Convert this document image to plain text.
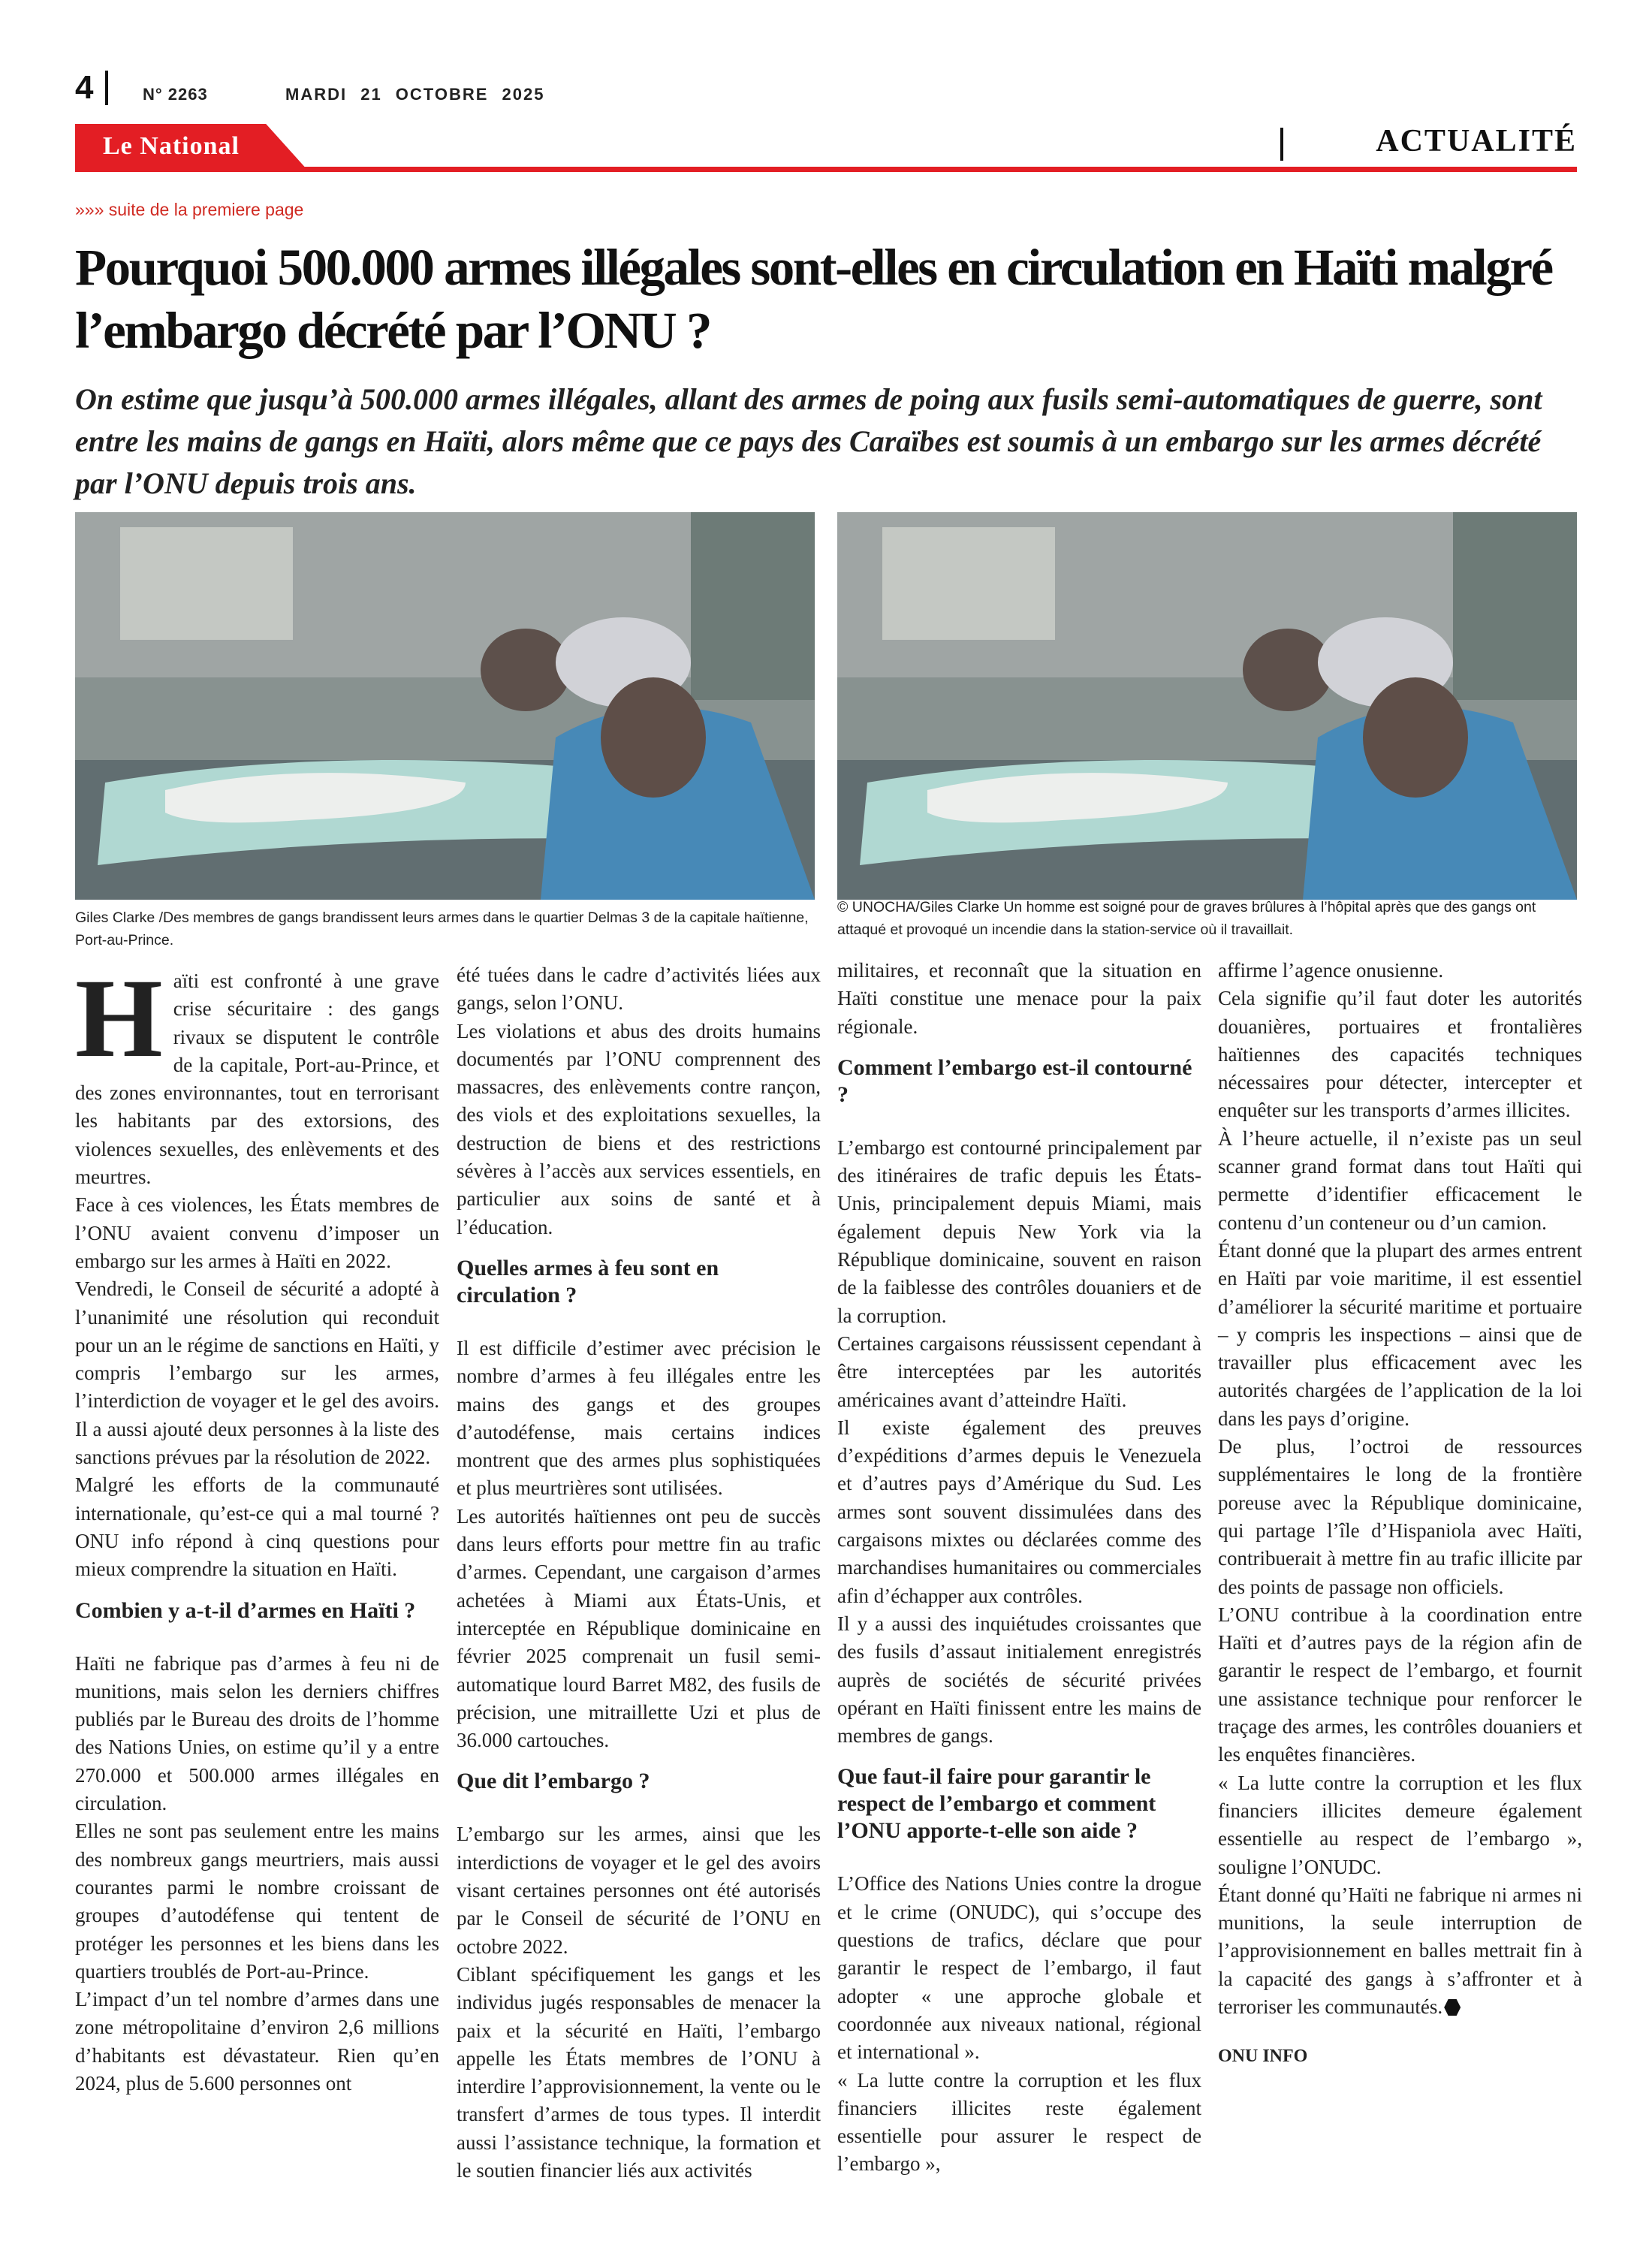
4	N° 2263	MARDI 21 OCTOBRE 2025
Le National	ACTUALITÉ
»»» suite de la premiere page
Pourquoi 500.000 armes illégales sont-elles en circulation en Haïti malgré l’embargo décrété par l’ONU ?

On estime que jusqu’à 500.000 armes illégales, allant des armes de poing aux fusils semi-automatiques de guerre, sont entre les mains de gangs en Haïti, alors même que ce pays des Caraïbes est soumis à un embargo sur les armes décrété par l’ONU depuis trois ans.

Giles Clarke /Des membres de gangs brandissent leurs armes dans le quartier Delmas 3 de la capitale haïtienne, Port-au-Prince.
© UNOCHA/Giles Clarke Un homme est soigné pour de graves brûlures à l’hôpital après que des gangs ont attaqué et provoqué un incendie dans la station-service où il travaillait.

Haïti est confronté à une grave crise sécuritaire : des gangs rivaux se disputent le contrôle de la capitale, Port-au-Prince, et des zones environnantes, tout en terrorisant les habitants par des extorsions, des violences sexuelles, des enlèvements et des meurtres.

Face à ces violences, les États membres de l’ONU avaient convenu d’imposer un embargo sur les armes à Haïti en 2022.

Vendredi, le Conseil de sécurité a adopté à l’unanimité une résolution qui reconduit pour un an le régime de sanctions en Haïti, y compris l’embargo sur les armes, l’interdiction de voyager et le gel des avoirs. Il a aussi ajouté deux personnes à la liste des sanctions prévues par la résolution de 2022.

Malgré les efforts de la communauté internationale, qu’est-ce qui a mal tourné ? ONU info répond à cinq questions pour mieux comprendre la situation en Haïti.

Combien y a-t-il d’armes en Haïti ?

Haïti ne fabrique pas d’armes à feu ni de munitions, mais selon les derniers chiffres publiés par le Bureau des droits de l’homme des Nations Unies, on estime qu’il y a entre 270.000 et 500.000 armes illégales en circulation.

Elles ne sont pas seulement entre les mains des nombreux gangs meurtriers, mais aussi courantes parmi le nombre croissant de groupes d’autodéfense qui tentent de protéger les personnes et les biens dans les quartiers troublés de Port-au-Prince.

L’impact d’un tel nombre d’armes dans une zone métropolitaine d’environ 2,6 millions d’habitants est dévastateur. Rien qu’en 2024, plus de 5.600 personnes ont

été tuées dans le cadre d’activités liées aux gangs, selon l’ONU.

Les violations et abus des droits humains documentés par l’ONU comprennent des massacres, des enlèvements contre rançon, des viols et des exploitations sexuelles, la destruction de biens et des restrictions sévères à l’accès aux services essentiels, en particulier aux soins de santé et à l’éducation.

Quelles armes à feu sont en circulation ?

Il est difficile d’estimer avec précision le nombre d’armes à feu illégales entre les mains des gangs et des groupes d’autodéfense, mais certains indices montrent que des armes plus sophistiquées et plus meurtrières sont utilisées.

Les autorités haïtiennes ont peu de succès dans leurs efforts pour mettre fin au trafic d’armes. Cependant, une cargaison d’armes achetées à Miami aux États-Unis, et interceptée en République dominicaine en février 2025 comprenait un fusil semi-automatique lourd Barret M82, des fusils de précision, une mitraillette Uzi et plus de 36.000 cartouches.

Que dit l’embargo ?

L’embargo sur les armes, ainsi que les interdictions de voyager et le gel des avoirs visant certaines personnes ont été autorisés par le Conseil de sécurité de l’ONU en octobre 2022.

Ciblant spécifiquement les gangs et les individus jugés responsables de menacer la paix et la sécurité en Haïti, l’embargo appelle les États membres de l’ONU à interdire l’approvisionnement, la vente ou le transfert d’armes de tous types. Il interdit aussi l’assistance technique, la formation et le soutien financier liés aux activités

militaires, et reconnaît que la situation en Haïti constitue une menace pour la paix régionale.

Comment l’embargo est-il contourné ?

L’embargo est contourné principalement par des itinéraires de trafic depuis les États-Unis, principalement depuis Miami, mais également depuis New York via la République dominicaine, souvent en raison de la faiblesse des contrôles douaniers et de la corruption.

Certaines cargaisons réussissent cependant à être interceptées par les autorités américaines avant d’atteindre Haïti.

Il existe également des preuves d’expéditions d’armes depuis le Venezuela et d’autres pays d’Amérique du Sud. Les armes sont souvent dissimulées dans des cargaisons mixtes ou déclarées comme des marchandises humanitaires ou commerciales afin d’échapper aux contrôles.

Il y a aussi des inquiétudes croissantes que des fusils d’assaut initialement enregistrés auprès de sociétés de sécurité privées opérant en Haïti finissent entre les mains de membres de gangs.

Que faut-il faire pour garantir le respect de l’embargo et comment l’ONU apporte-t-elle son aide ?

L’Office des Nations Unies contre la drogue et le crime (ONUDC), qui s’occupe des questions de trafics, déclare que pour garantir le respect de l’embargo, il faut adopter « une approche globale et coordonnée aux niveaux national, régional et international ».

« La lutte contre la corruption et les flux financiers illicites reste également essentielle pour assurer le respect de l’embargo »,

affirme l’agence onusienne.

Cela signifie qu’il faut doter les autorités douanières, portuaires et frontalières haïtiennes des capacités techniques nécessaires pour détecter, intercepter et enquêter sur les transports d’armes illicites.

À l’heure actuelle, il n’existe pas un seul scanner grand format dans tout Haïti qui permette d’identifier efficacement le contenu d’un conteneur ou d’un camion.

Étant donné que la plupart des armes entrent en Haïti par voie maritime, il est essentiel d’améliorer la sécurité maritime et portuaire – y compris les inspections – ainsi que de travailler plus efficacement avec les autorités chargées de l’application de la loi dans les pays d’origine.

De plus, l’octroi de ressources supplémentaires le long de la frontière poreuse avec la République dominicaine, qui partage l’île d’Hispaniola avec Haïti, contribuerait à mettre fin au trafic illicite par des points de passage non officiels.

L’ONU contribue à la coordination entre Haïti et d’autres pays de la région afin de garantir le respect de l’embargo, et fournit une assistance technique pour renforcer le traçage des armes, les contrôles douaniers et les enquêtes financières.

« La lutte contre la corruption et les flux financiers illicites demeure également essentielle au respect de l’embargo », souligne l’ONUDC.

Étant donné qu’Haïti ne fabrique ni armes ni munitions, la seule interruption de l’approvisionnement en balles mettrait fin à la capacité des gangs à s’affronter et à terroriser les communautés.

ONU INFO
